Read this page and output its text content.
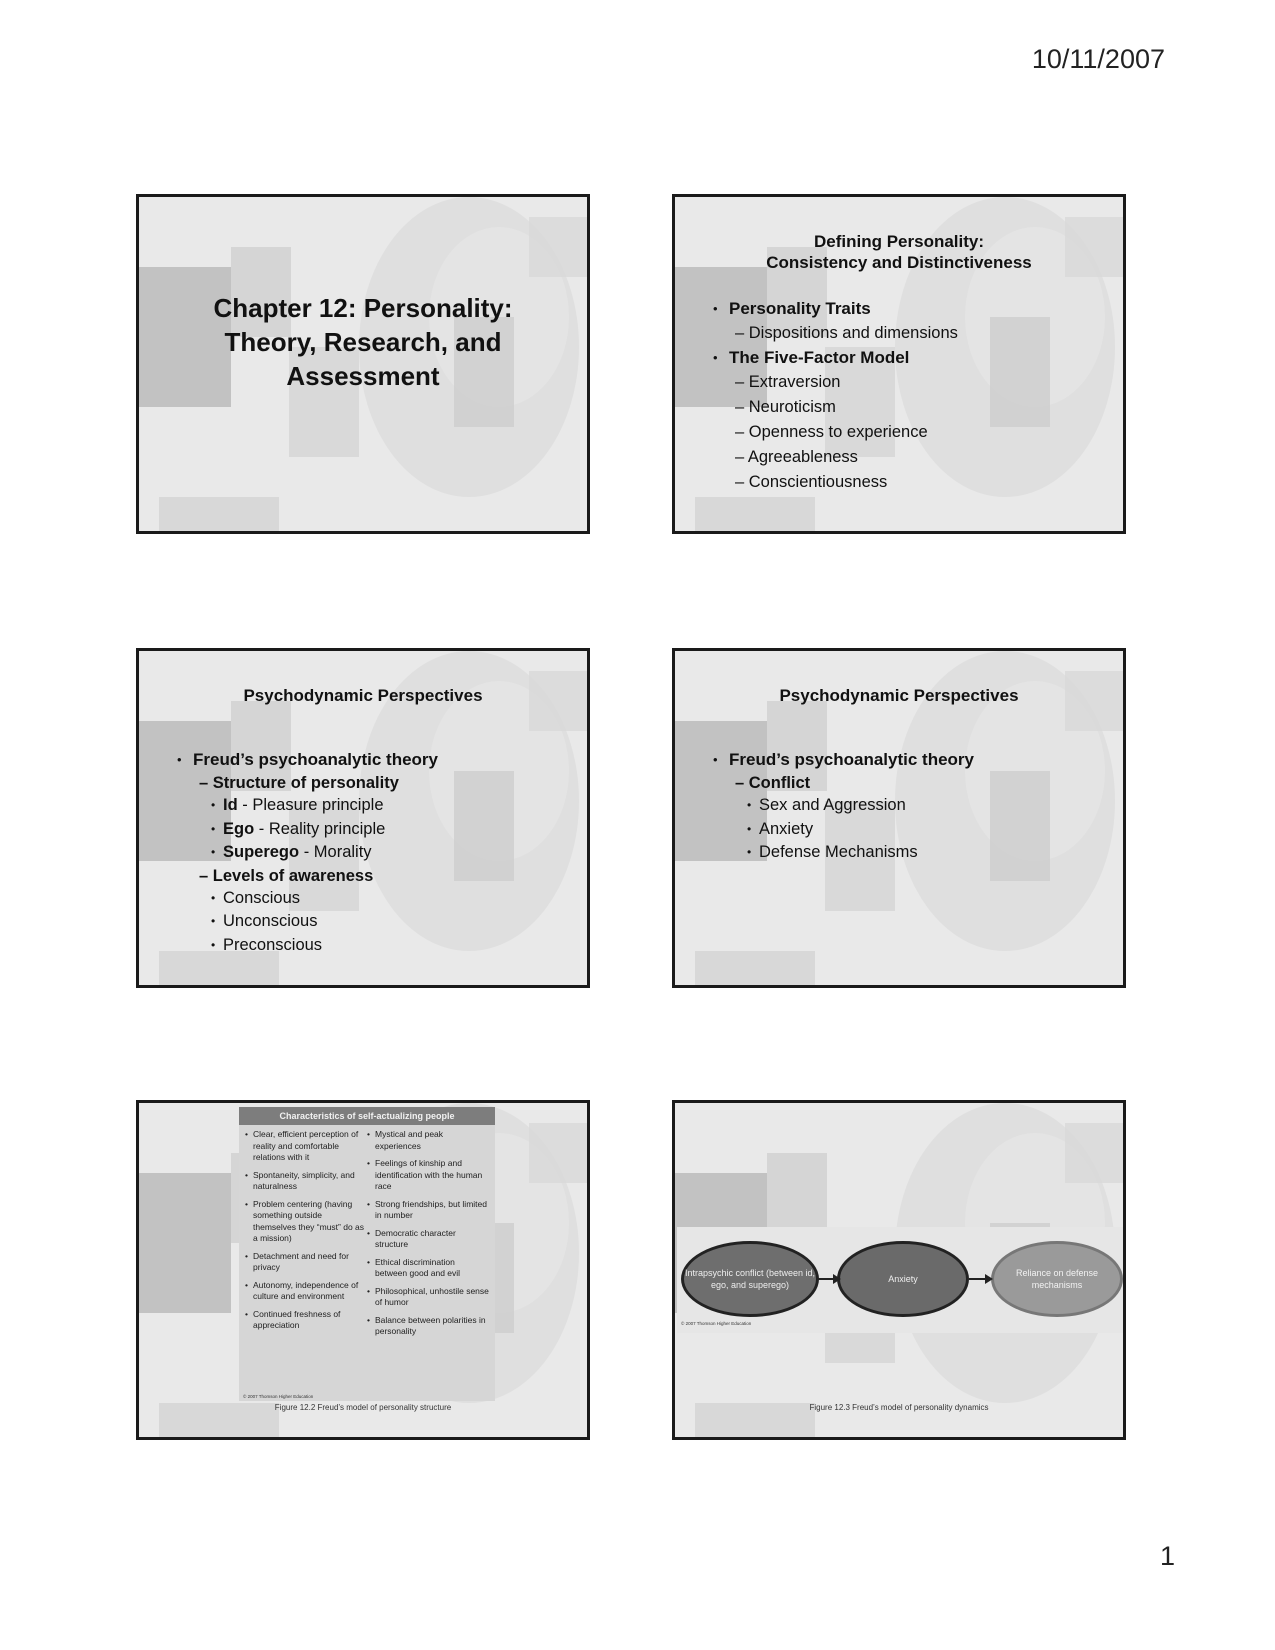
10/11/2007
Chapter 12: Personality:
Theory, Research, and
Assessment
Defining Personality:
Consistency and Distinctiveness
• Personality Traits
– Dispositions and dimensions
• The Five-Factor Model
– Extraversion
– Neuroticism
– Openness to experience
– Agreeableness
– Conscientiousness
Psychodynamic Perspectives
• Freud’s psychoanalytic theory
– Structure of personality
• Id - Pleasure principle
• Ego - Reality principle
• Superego - Morality
– Levels of awareness
• Conscious
• Unconscious
• Preconscious
Psychodynamic Perspectives
• Freud’s psychoanalytic theory
– Conflict
• Sex and Aggression
• Anxiety
• Defense Mechanisms
Characteristics of self-actualizing people
• Clear, efficient perception of reality and comfortable relations with it
• Spontaneity, simplicity, and naturalness
• Problem centering (having something outside themselves they “must” do as a mission)
• Detachment and need for privacy
• Autonomy, independence of culture and environment
• Continued freshness of appreciation
• Mystical and peak experiences
• Feelings of kinship and identification with the human race
• Strong friendships, but limited in number
• Democratic character structure
• Ethical discrimination between good and evil
• Philosophical, unhostile sense of humor
• Balance between polarities in personality
© 2007 Thomson Higher Education
Figure 12.2 Freud’s model of personality structure
Intrapsychic conflict (between id, ego, and superego)
Anxiety
Reliance on defense mechanisms
© 2007 Thomson Higher Education
Figure 12.3 Freud’s model of personality dynamics
1
